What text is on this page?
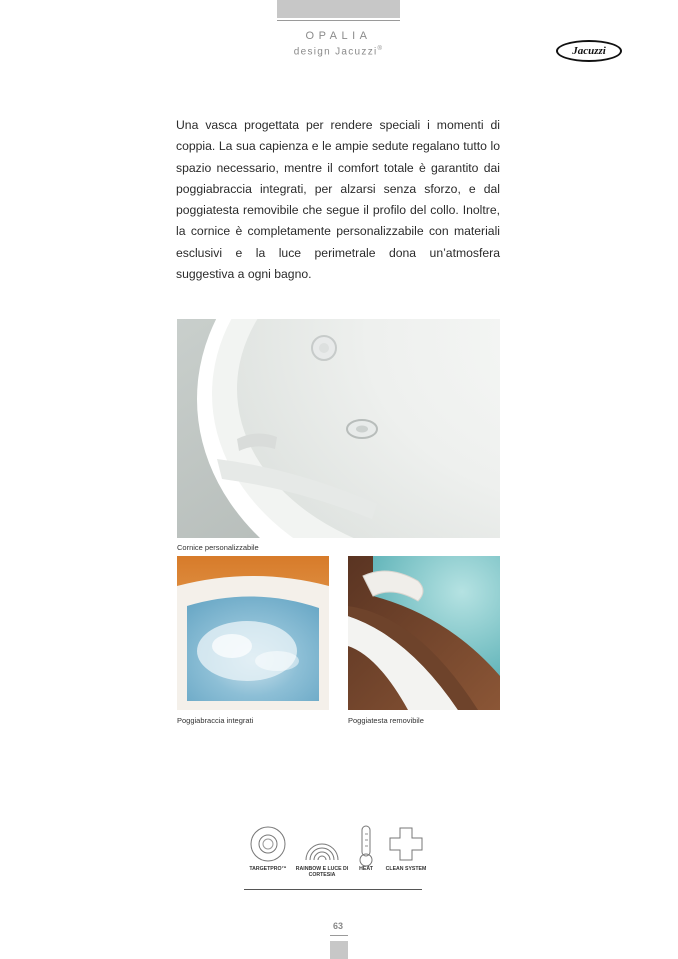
OPALIA
design Jacuzzi®	Jacuzzi
Una vasca progettata per rendere speciali i momenti di coppia. La sua capienza e le ampie sedute regalano tutto lo spazio necessario, mentre il comfort totale è garantito dai poggiabraccia integrati, per alzarsi senza sforzo, e dal poggiatesta removibile che segue il profilo del collo. Inoltre, la cornice è completamente personalizzabile con materiali esclusivi e la luce perimetrale dona un’atmosfera suggestiva a ogni bagno.
Cornice personalizzabile
Poggiabraccia integrati	Poggiatesta removibile
TARGETPRO™	RAINBOW E LUCE DI CORTESIA
HEAT	CLEAN SYSTEM
63
